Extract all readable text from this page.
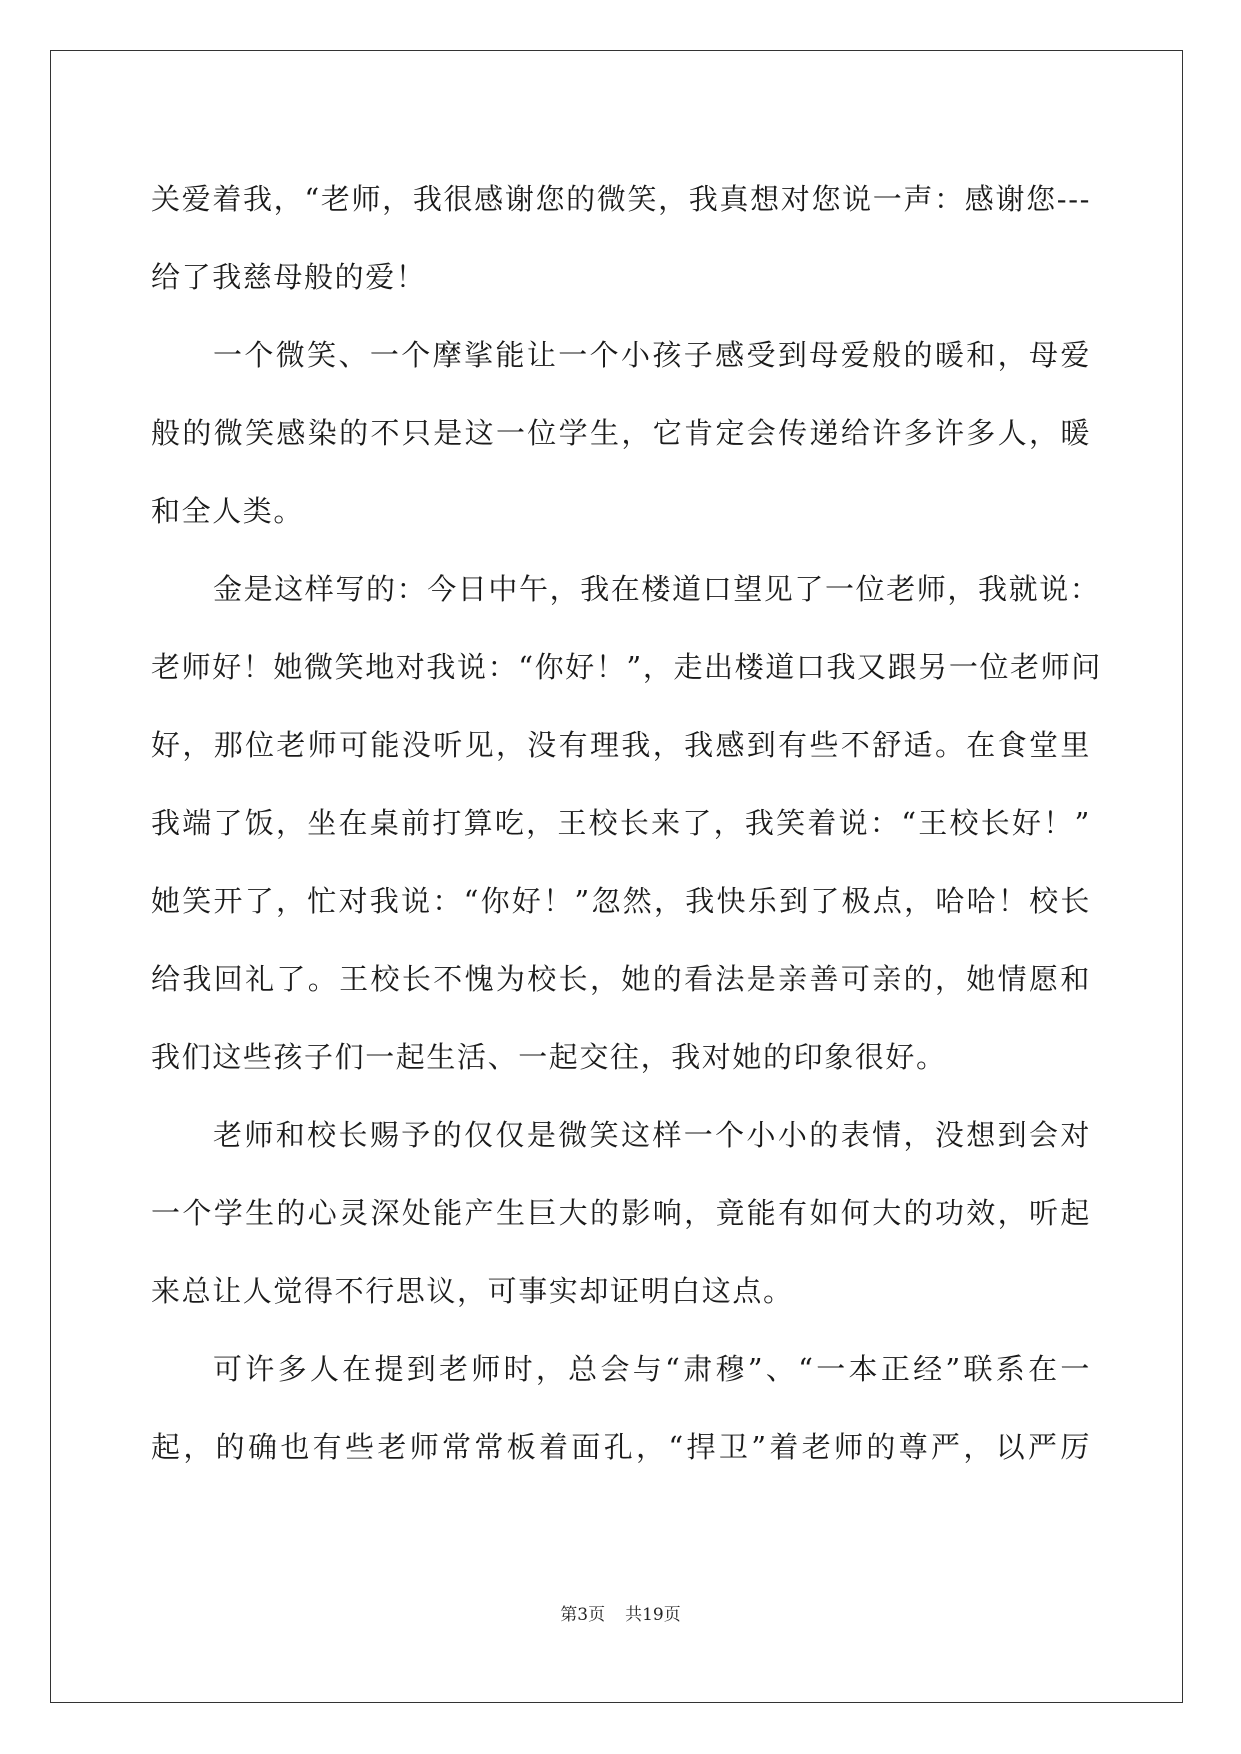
关爱着我，“老师，我很感谢您的微笑，我真想对您说一声：感谢您---
给了我慈母般的爱！
一个微笑、一个摩挲能让一个小孩子感受到母爱般的暖和，母爱
般的微笑感染的不只是这一位学生，它肯定会传递给许多许多人，暖
和全人类。
金是这样写的：今日中午，我在楼道口望见了一位老师，我就说：
老师好！她微笑地对我说：“你好！”，走出楼道口我又跟另一位老师问
好，那位老师可能没听见，没有理我，我感到有些不舒适。在食堂里
我端了饭，坐在桌前打算吃，王校长来了，我笑着说：“王校长好！”
她笑开了，忙对我说：“你好！”忽然，我快乐到了极点，哈哈！校长
给我回礼了。王校长不愧为校长，她的看法是亲善可亲的，她情愿和
我们这些孩子们一起生活、一起交往，我对她的印象很好。
老师和校长赐予的仅仅是微笑这样一个小小的表情，没想到会对
一个学生的心灵深处能产生巨大的影响，竟能有如何大的功效，听起
来总让人觉得不行思议，可事实却证明白这点。
可许多人在提到老师时，总会与“肃穆”、“一本正经”联系在一
起，的确也有些老师常常板着面孔，“捍卫”着老师的尊严，以严厉
第3页 共19页
